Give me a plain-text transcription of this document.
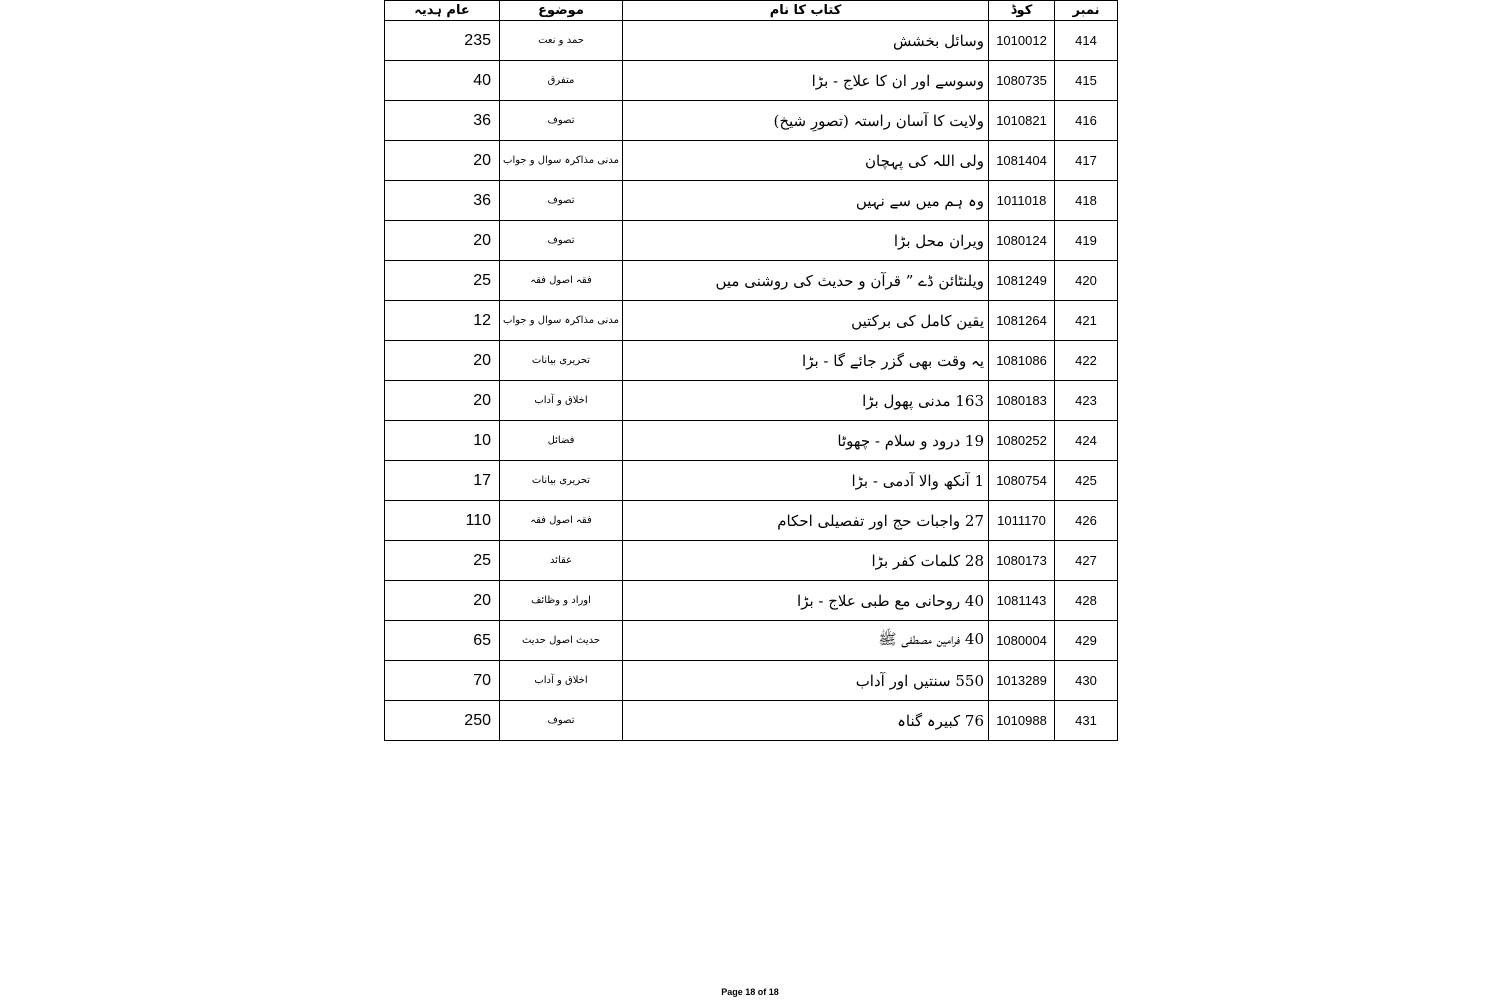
عام ہدیہ	موضوع	کتاب کا نام	کوڈ	نمبر
235	حمد و نعت	وسائل بخشش	1010012	414
40	متفرق	وسوسے اور ان کا علاج - بڑا	1080735	415
36	تصوف	ولایت کا آسان راستہ (تصورِ شیخ)	1010821	416
20	مدنی مذاکرہ سوال و جواب	ولی اللہ کی پہچان	1081404	417
36	تصوف	وہ ہم میں سے نہیں	1011018	418
20	تصوف	ویران محل بڑا	1080124	419
25	فقہ اصول فقہ	ویلنٹائن ڈے ” قرآن و حدیث کی روشنی میں	1081249	420
12	مدنی مذاکرہ سوال و جواب	یقین کامل کی برکتیں	1081264	421
20	تحریری بیانات	یہ وقت بھی گزر جائے گا - بڑا	1081086	422
20	اخلاق و آداب	163 مدنی پھول بڑا	1080183	423
10	فضائل	19 درود و سلام - چھوٹا	1080252	424
17	تحریری بیانات	1 آنکھ والا آدمی - بڑا	1080754	425
110	فقہ اصول فقہ	27 واجبات حج اور تفصیلی احکام	1011170	426
25	عقائد	28 کلمات کفر بڑا	1080173	427
20	اوراد و وظائف	40 روحانی مع طبی علاج - بڑا	1081143	428
65	حدیث اصول حدیث	40 فرامین مصطفی ﷺ	1080004	429
70	اخلاق و آداب	550 سنتیں اور آداب	1013289	430
250	تصوف	76 کبیرہ گناہ	1010988	431
Page 18 of 18
